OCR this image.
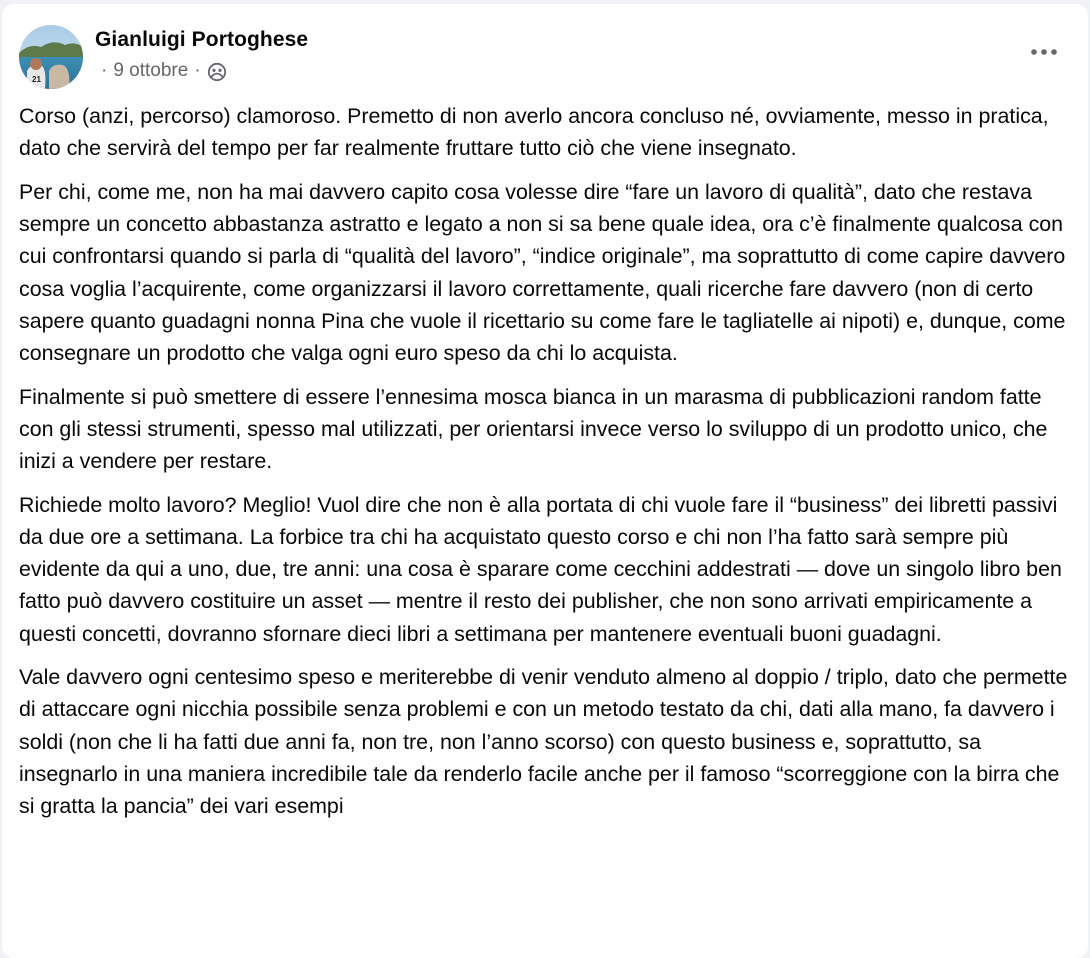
21
Gianluigi Portoghese
· 9 ottobre ·

Corso (anzi, percorso) clamoroso. Premetto di non averlo ancora concluso né, ovviamente, messo in pratica, dato che servirà del tempo per far realmente fruttare tutto ciò che viene insegnato.

Per chi, come me, non ha mai davvero capito cosa volesse dire “fare un lavoro di qualità”, dato che restava sempre un concetto abbastanza astratto e legato a non si sa bene quale idea, ora c’è finalmente qualcosa con cui confrontarsi quando si parla di “qualità del lavoro”, “indice originale”, ma soprattutto di come capire davvero cosa voglia l’acquirente, come organizzarsi il lavoro correttamente, quali ricerche fare davvero (non di certo sapere quanto guadagni nonna Pina che vuole il ricettario su come fare le tagliatelle ai nipoti) e, dunque, come consegnare un prodotto che valga ogni euro speso da chi lo acquista.

Finalmente si può smettere di essere l’ennesima mosca bianca in un marasma di pubblicazioni random fatte con gli stessi strumenti, spesso mal utilizzati, per orientarsi invece verso lo sviluppo di un prodotto unico, che inizi a vendere per restare.

Richiede molto lavoro? Meglio! Vuol dire che non è alla portata di chi vuole fare il “business” dei libretti passivi da due ore a settimana. La forbice tra chi ha acquistato questo corso e chi non l’ha fatto sarà sempre più evidente da qui a uno, due, tre anni: una cosa è sparare come cecchini addestrati — dove un singolo libro ben fatto può davvero costituire un asset — mentre il resto dei publisher, che non sono arrivati empiricamente a questi concetti, dovranno sfornare dieci libri a settimana per mantenere eventuali buoni guadagni.

Vale davvero ogni centesimo speso e meriterebbe di venir venduto almeno al doppio / triplo, dato che permette di attaccare ogni nicchia possibile senza problemi e con un metodo testato da chi, dati alla mano, fa davvero i soldi (non che li ha fatti due anni fa, non tre, non l’anno scorso) con questo business e, soprattutto, sa insegnarlo in una maniera incredibile tale da renderlo facile anche per il famoso “scorreggione con la birra che si gratta la pancia” dei vari esempi
